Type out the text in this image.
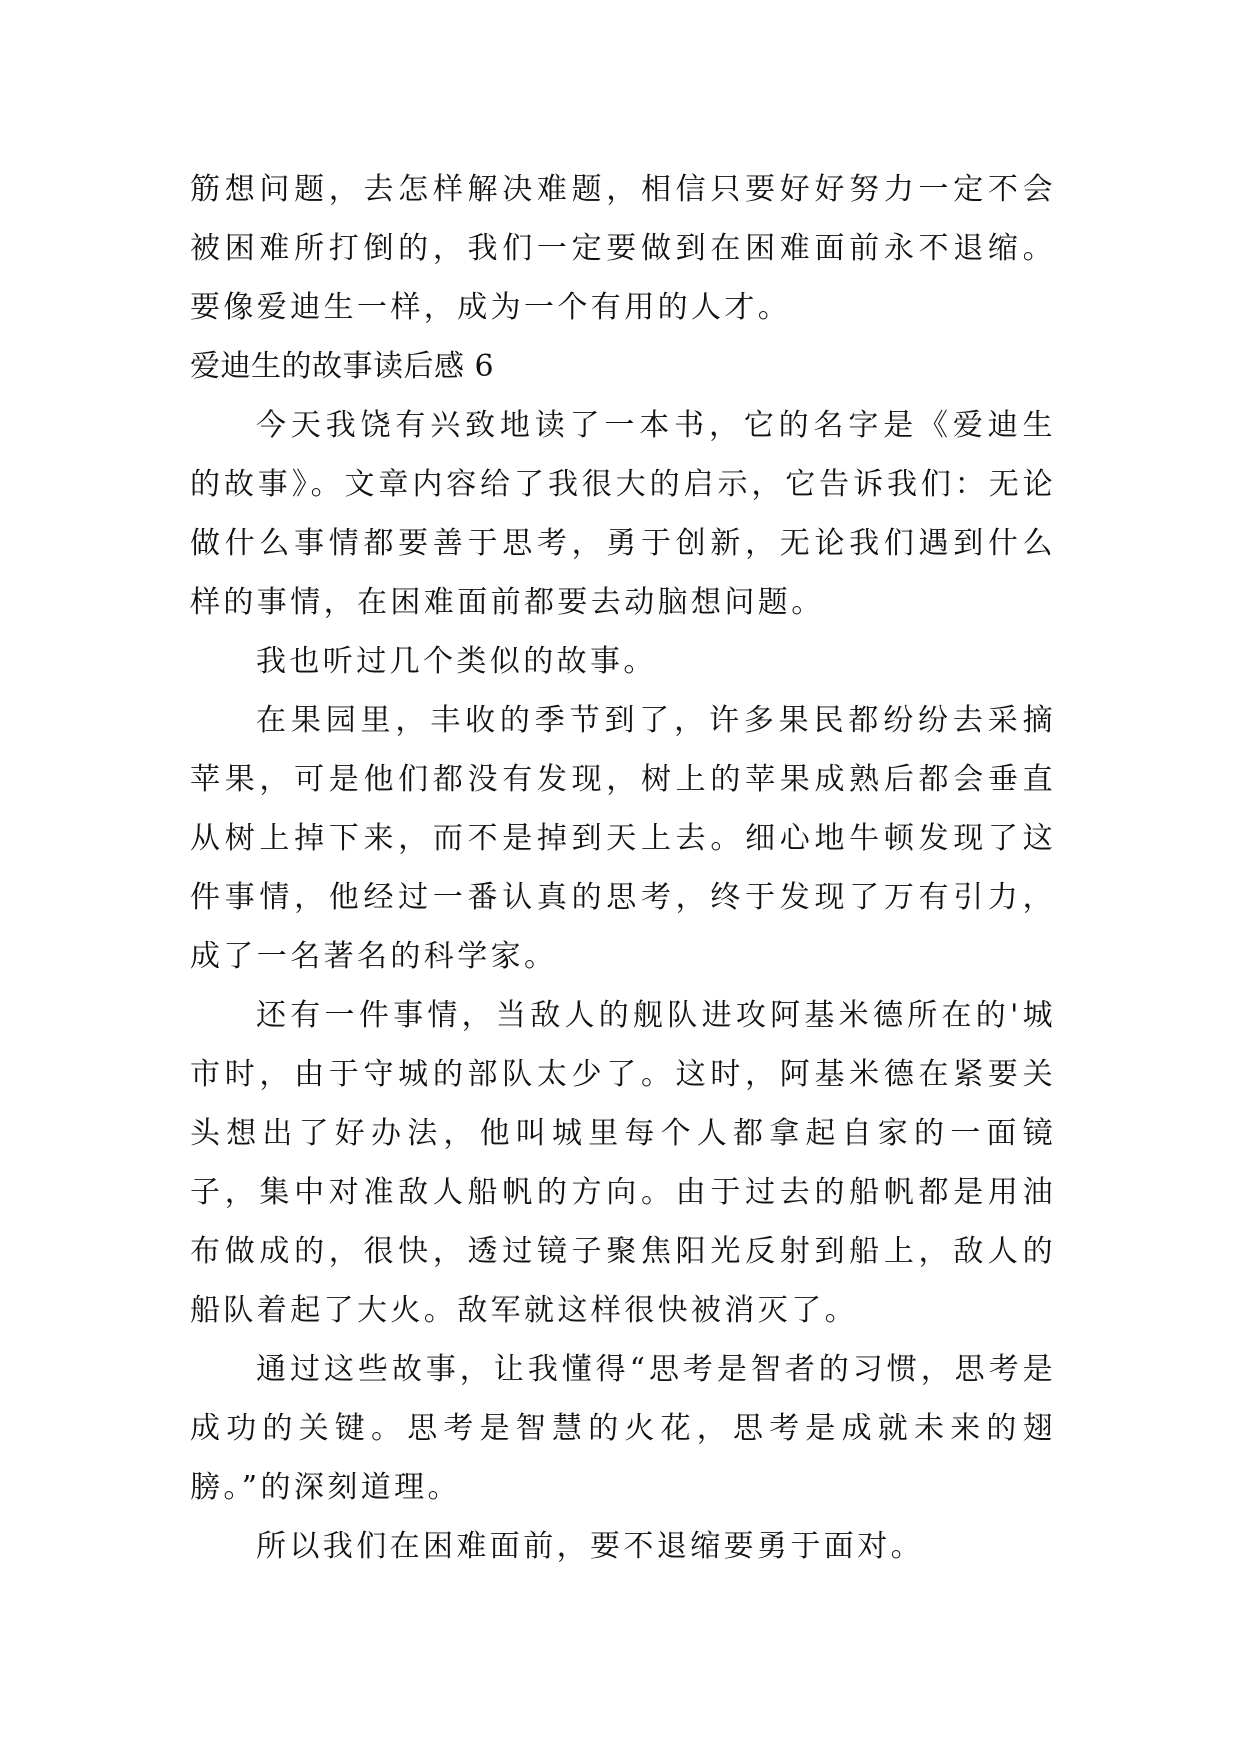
筋想问题，去怎样解决难题，相信只要好好努力一定不会被困难所打倒的，我们一定要做到在困难面前永不退缩。要像爱迪生一样，成为一个有用的人才。

爱迪生的故事读后感 6

今天我饶有兴致地读了一本书，它的名字是《爱迪生的故事》。文章内容给了我很大的启示，它告诉我们：无论做什么事情都要善于思考，勇于创新，无论我们遇到什么样的事情，在困难面前都要去动脑想问题。

我也听过几个类似的故事。

在果园里，丰收的季节到了，许多果民都纷纷去采摘苹果，可是他们都没有发现，树上的苹果成熟后都会垂直从树上掉下来，而不是掉到天上去。细心地牛顿发现了这件事情，他经过一番认真的思考，终于发现了万有引力，成了一名著名的科学家。

还有一件事情，当敌人的舰队进攻阿基米德所在的'城市时，由于守城的部队太少了。这时，阿基米德在紧要关头想出了好办法，他叫城里每个人都拿起自家的一面镜子，集中对准敌人船帆的方向。由于过去的船帆都是用油布做成的，很快，透过镜子聚焦阳光反射到船上，敌人的船队着起了大火。敌军就这样很快被消灭了。

通过这些故事，让我懂得“思考是智者的习惯，思考是成功的关键。思考是智慧的火花，思考是成就未来的翅膀。”的深刻道理。

所以我们在困难面前，要不退缩要勇于面对。
